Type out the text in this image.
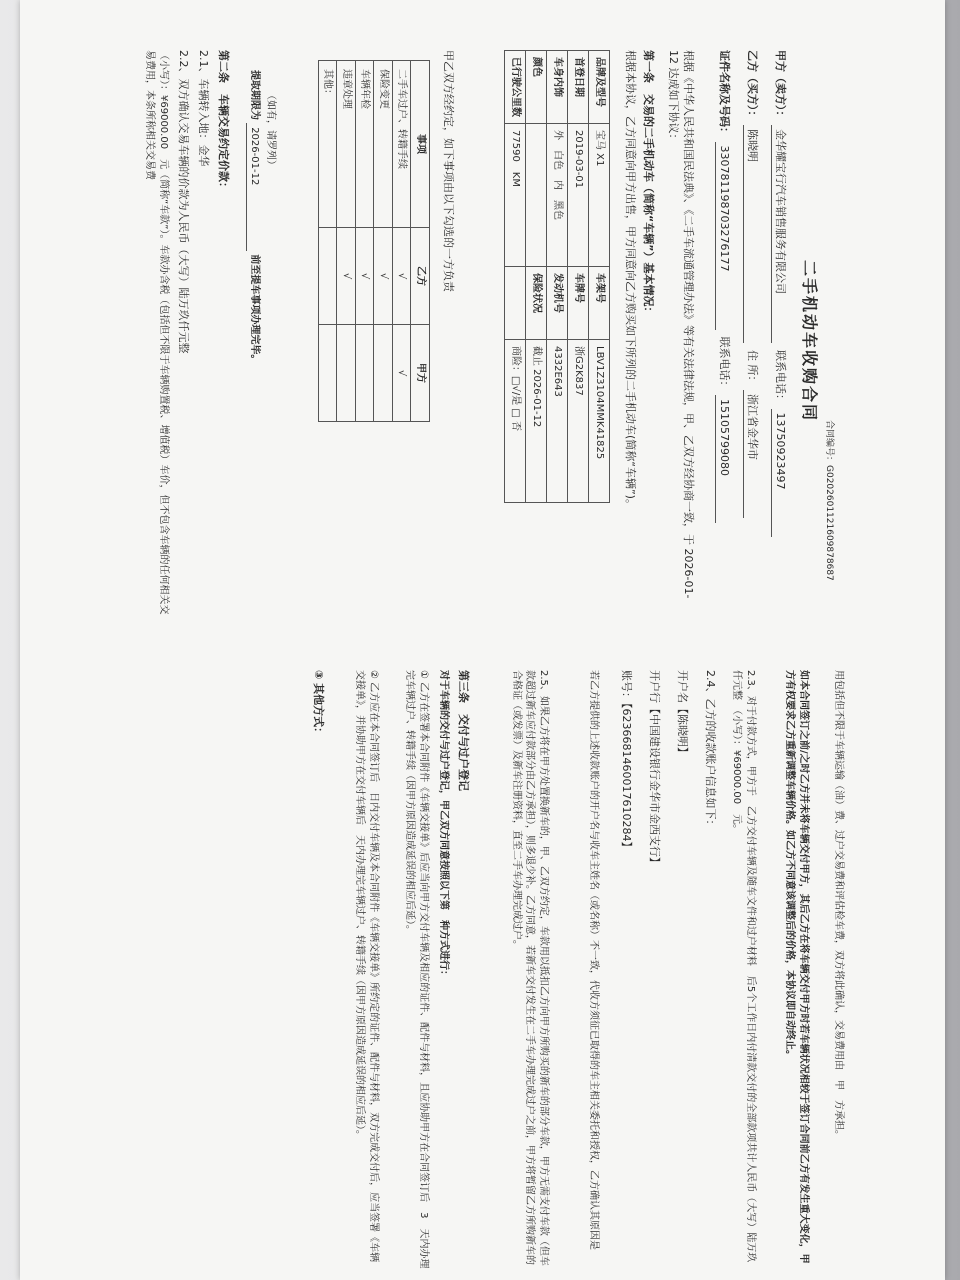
合同编号：G0202601121609878687
二手机动车收购合同
甲方（卖方）： 金华耀宝行汽车销售服务有限公司  联系电话： 13750923497
乙方（买方）： 陈晓明  住 所： 浙江省金华市
证件名称及号码： 330781198703276177  联系电话： 15105799080
根据《中华人民共和国民法典》、《二手车流通管理办法》等有关法律法规，甲、乙双方经协商一致，于 2026-01-12 达成如下协议：
第一条　交易的二手机动车（简称“车辆”）基本情况：
根据本协议，乙方同意向甲方出售，甲方同意向乙方购买如下所列的二手机动车(简称“车辆”)。
品牌及型号	宝马 X1	车架号	LBV1Z3104MMK41825
首登日期	2019-03-01	车牌号	浙G2K837
车身内饰	外　白色　内　黑色	发动机号	4332E643
颜色		保险状况	截止 2026-01-12
已行驶公里数	77590　KM		商险：□√/是 □ 否
甲乙双方经约定，如下事项由以下勾选的一方负责
事项	乙方	甲方
二手车过户、转籍手续	√	√
保险变更	√	
车辆年检	√	
违章处理	√	
其他：		
（如有，请罗列）
提取期限为 2026-01-12 前至提车事项办理完毕。
第二条　车辆交易约定价款：
2.1、车辆转入地：金华
2.2、双方确认交易车辆的价款为人民币（大写）陆万玖仟元整
（小写）：¥69000.00　元（简称“车款”）。车款办含税（包括但不限于车辆购置税、增值税）车价，但不包含车辆的任何相关交易费用，本条所称相关交易费
用包括但不限于车辆运输（油）费、过户交易费和评估检车费，双方将此确认，交易费用由　甲　方承担。
如本合同签订之前/之时乙方并未将车辆交付甲方，其后乙方在将车辆交付甲方时若车辆状况相较于签订合同前乙方有发生重大变化，甲方有权要求乙方重新调整车辆价格。如乙方不同意该调整后的价格，本协议即自动终止。
2.3、对于付款方式，甲方于　乙方交付车辆及随车文件和过户材料　后5个工作日内付清款交付的全部款项共计人民币（大写）陆万玖仟元整　（小写）：¥69000.00　元。
2.4、乙方的收款账户信息如下：
开户名【陈晓明】
开户行【中国建设银行金华市金西支行】
账号：【6236681460017610284】
若乙方提供的上述收款账户的开户名与收车主姓名（或名称）不一致，代收方须征已取得的车主相关委托和授权，乙方确认其原因是
2.5、如果乙方将在甲方处置换新车的，甲、乙双方约定，车款用以抵扣乙方向甲方所购买的新车的部分车款，甲方无需支付车款（但车款超过新车应付款部分由乙方承担），则多退少补。乙方同意，若新车交付发生在二手车办理完成过户之前，甲方将暂留乙方所购新车的合格证（或发票）及新车注册资料，直至二手车办理完成过户。
第三条　交付与过户登记
对于车辆的交付与过户登记，甲乙双方同意按照以下第　种方式进行：
① 乙方在签署本合同附件《车辆交接单》后应当向甲方交付车辆及相应的证件、配件与材料，且应协助甲方在合同签订后　3　天内办理完车辆过户、转籍手续（因甲方原因造成延误的相应后延）。
② 乙方应在本合同签订后　日内交付车辆及本合同附件《车辆交接单》所约定的证件、配件与材料，双方完成交付后，应当签署《车辆交接单》，并协助甲方在交付车辆后　天内办理完车辆过户、转籍手续（因甲方原因造成延误的相应后延）。
③ 其他方式：
